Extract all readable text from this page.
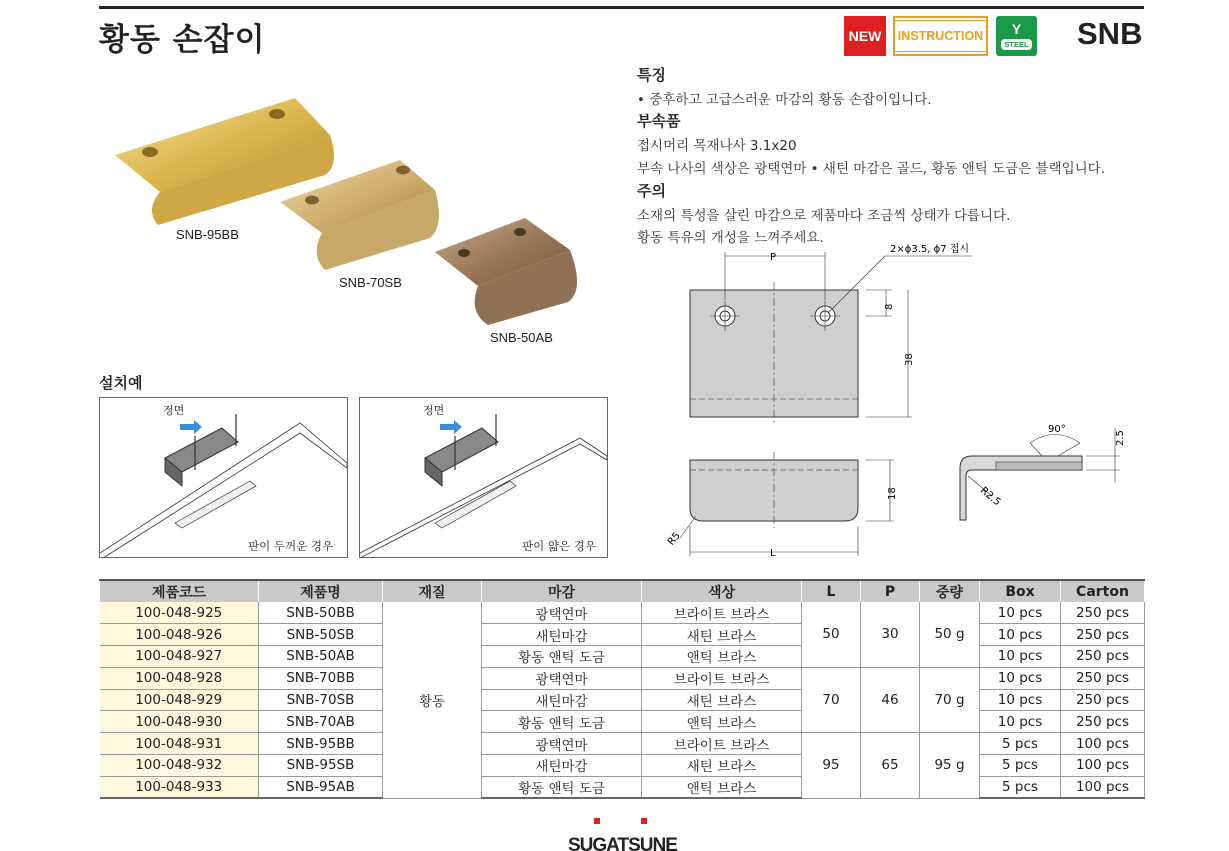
황동 손잡이	NEW	INSTRUCTION Y
STEEL SNB
SNB-95BB
SNB-70SB
SNB-50AB
특징
• 중후하고 고급스러운 마감의 황동 손잡이입니다.
부속품
접시머리 목재나사 3.1x20
부속 나사의 색상은 광택연마 • 새틴 마감은 골드, 황동 앤틱 도금은 블랙입니다.
주의
소재의 특성을 살린 마감으로 제품마다 조금씩 상태가 다릅니다.
황동 특유의 개성을 느껴주세요.
P
2×ϕ3.5, ϕ7 접시
8
38
18
L
R5
90°
2.5
R2.5
설치예
정면
판이 두꺼운 경우
정면
판이 얇은 경우
제품코드	제품명	재질	마감	색상	L	P	중량	Box	Carton
100-048-925	SNB-50BB	황동	광택연마	브라이트 브라스	50	30	50 g	10 pcs	250 pcs
100-048-926	SNB-50SB		새틴마감	새틴 브라스				10 pcs	250 pcs
100-048-927	SNB-50AB		황동 앤틱 도금	앤틱 브라스				10 pcs	250 pcs
100-048-928	SNB-70BB		광택연마	브라이트 브라스	70	46	70 g	10 pcs	250 pcs
100-048-929	SNB-70SB		새틴마감	새틴 브라스				10 pcs	250 pcs
100-048-930	SNB-70AB		황동 앤틱 도금	앤틱 브라스				10 pcs	250 pcs
100-048-931	SNB-95BB		광택연마	브라이트 브라스	95	65	95 g	5 pcs	100 pcs
100-048-932	SNB-95SB		새틴마감	새틴 브라스				5 pcs	100 pcs
100-048-933	SNB-95AB		황동 앤틱 도금	앤틱 브라스				5 pcs	100 pcs
SUGATSUNE
